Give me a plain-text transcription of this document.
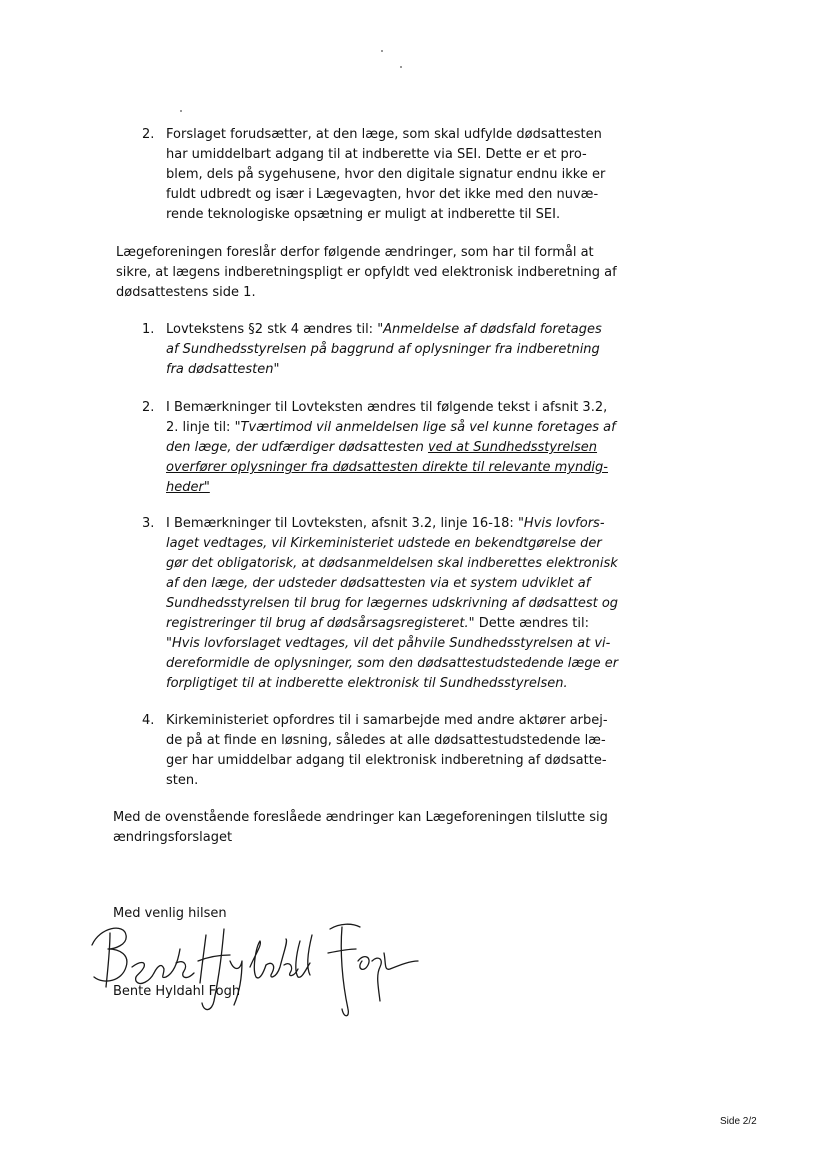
2. Forslaget forudsætter, at den læge, som skal udfylde dødsattesten
har umiddelbart adgang til at indberette via SEI. Dette er et pro-
blem, dels på sygehusene, hvor den digitale signatur endnu ikke er
fuldt udbredt og især i Lægevagten, hvor det ikke med den nuvæ-
rende teknologiske opsætning er muligt at indberette til SEI.
Lægeforeningen foreslår derfor følgende ændringer, som har til formål at
sikre, at lægens indberetningspligt er opfyldt ved elektronisk indberetning af
dødsattestens side 1.
1. Lovtekstens §2 stk 4 ændres til: "Anmeldelse af dødsfald foretages
af Sundhedsstyrelsen på baggrund af oplysninger fra indberetning
fra dødsattesten"
2. I Bemærkninger til Lovteksten ændres til følgende tekst i afsnit 3.2,
2. linje til: "Tværtimod vil anmeldelsen lige så vel kunne foretages af
den læge, der udfærdiger dødsattesten ved at Sundhedsstyrelsen
overfører oplysninger fra dødsattesten direkte til relevante myndig-
heder"
3. I Bemærkninger til Lovteksten, afsnit 3.2, linje 16-18: "Hvis lovfors-
laget vedtages, vil Kirkeministeriet udstede en bekendtgørelse der
gør det obligatorisk, at dødsanmeldelsen skal indberettes elektronisk
af den læge, der udsteder dødsattesten via et system udviklet af
Sundhedsstyrelsen til brug for lægernes udskrivning af dødsattest og
registreringer til brug af dødsårsagsregisteret." Dette ændres til:
"Hvis lovforslaget vedtages, vil det påhvile Sundhedsstyrelsen at vi-
dereformidle de oplysninger, som den dødsattestudstedende læge er
forpligtiget til at indberette elektronisk til Sundhedsstyrelsen.
4. Kirkeministeriet opfordres til i samarbejde med andre aktører arbej-
de på at finde en løsning, således at alle dødsattestudstedende læ-
ger har umiddelbar adgang til elektronisk indberetning af dødsatte-
sten.
Med de ovenstående foreslåede ændringer kan Lægeforeningen tilslutte sig
ændringsforslaget
Med venlig hilsen
Bente Hyldahl Fogh
Side 2/2
